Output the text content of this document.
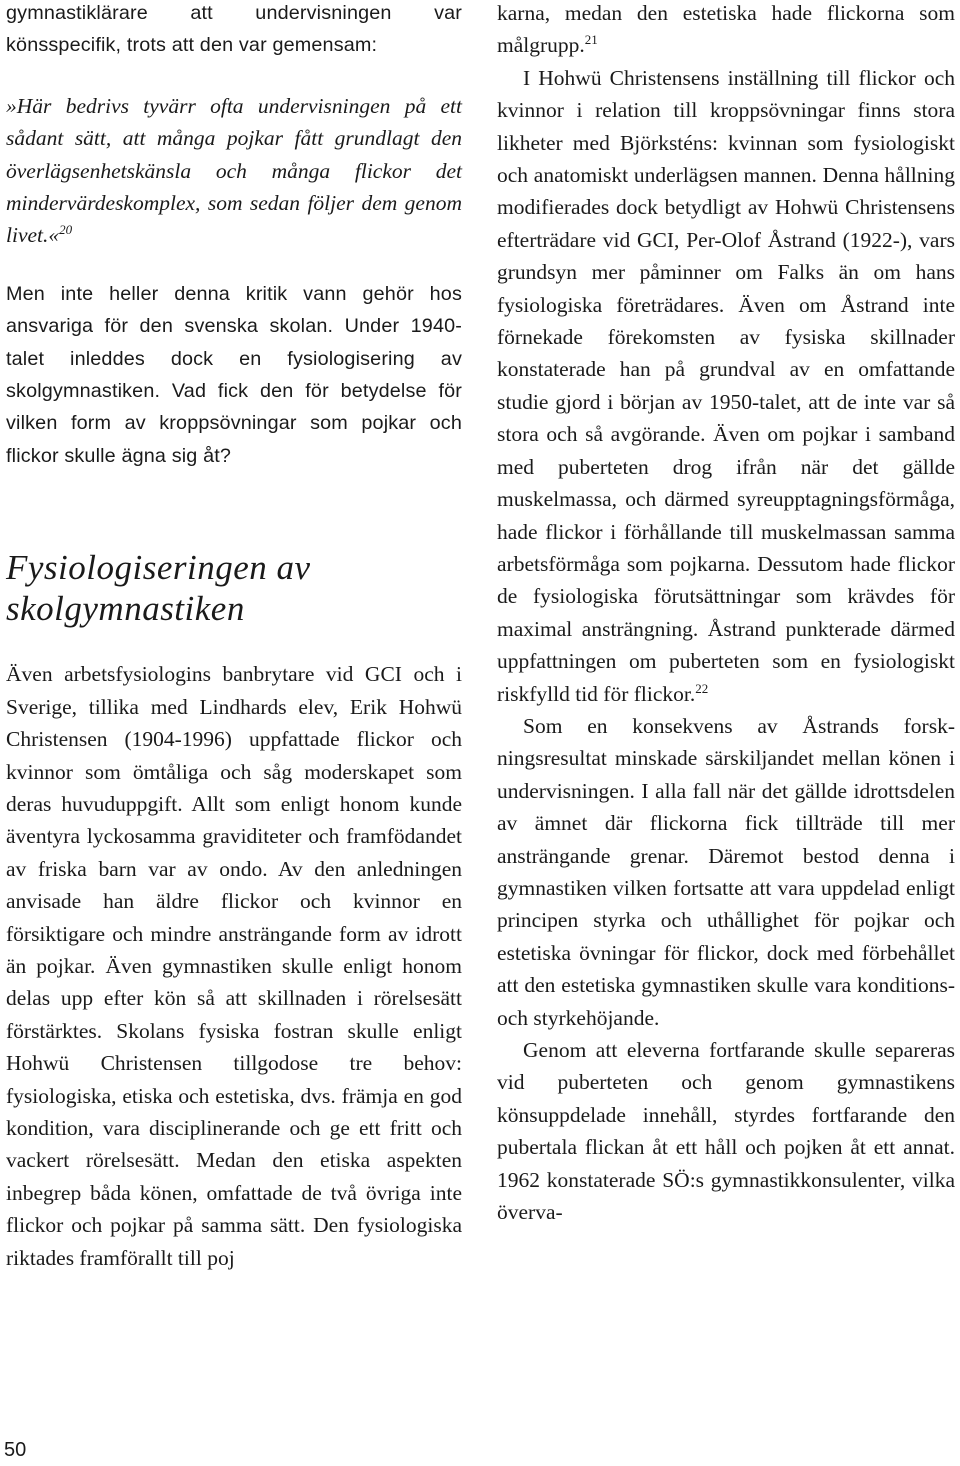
gymnastiklärare att undervisningen var könsspecifik, trots att den var gemensam:

»Här bedrivs tyvärr ofta undervisningen på ett sådant sätt, att många pojkar fått grundlagt den överlägsenhetskänsla och många flickor det mindervärdeskomplex, som sedan följer dem genom livet.«$^{20}$

Men inte heller denna kritik vann gehör hos ansvariga för den svenska skolan. Under 1940-talet inleddes dock en fysiologisering av skolgymnastiken. Vad fick den för betydelse för vilken form av kroppsövningar som pojkar och flickor skulle ägna sig åt?

Fysiologiseringen av skolgymnastiken

Även arbetsfysiologins banbrytare vid GCI och i Sverige, tillika med Lindhards elev, Erik Hohwü Christensen (1904-1996) uppfattade flickor och kvinnor som ömtåliga och såg moderskapet som deras huvuduppgift. Allt som enligt honom kunde äventyra lyckosamma graviditeter och framfödandet av friska barn var av ondo. Av den anledningen anvisade han äldre flickor och kvinnor en försiktigare och mindre ansträngande form av idrott än pojkar. Även gymnastiken skulle enligt honom delas upp efter kön så att skillnaden i rörelsesätt förstärktes. Skolans fysiska fostran skulle enligt Hohwü Christensen tillgodose tre behov: fysiologiska, etiska och estetiska, dvs. främja en god kondition, vara disciplinerande och ge ett fritt och vackert rörelsesätt. Medan den etiska aspekten inbegrep båda könen, omfattade de två övriga inte flickor och pojkar på samma sätt. Den fysiologiska riktades framförallt till poj

karna, medan den estetiska hade flickorna som målgrupp.$^{21}$

I Hohwü Christensens inställning till flickor och kvinnor i relation till kroppsövningar finns stora likheter med Björksténs: kvinnan som fysiologiskt och anatomiskt underlägsen mannen. Denna hållning modifierades dock betydligt av Hohwü Christensens efterträdare vid GCI, Per-Olof Åstrand (1922-), vars grundsyn mer påminner om Falks än om hans fysiologiska företrädares. Även om Åstrand inte förnekade förekomsten av fysiska skillnader konstaterade han på grundval av en omfattande studie gjord i början av 1950-talet, att de inte var så stora och så avgörande. Även om pojkar i samband med puberteten drog ifrån när det gällde muskelmassa, och därmed syreupptagningsförmåga, hade flickor i förhållande till muskelmassan samma arbetsförmåga som pojkarna. Dessutom hade flickor de fysiologiska förutsättningar som krävdes för maximal ansträngning. Åstrand punkterade därmed uppfattningen om puberteten som en fysiologiskt riskfylld tid för flickor.$^{22}$

Som en konsekvens av Åstrands forskningsresultat minskade särskiljandet mellan könen i undervisningen. I alla fall när det gällde idrottsdelen av ämnet där flickorna fick tillträde till mer ansträngande grenar. Däremot bestod denna i gymnastiken vilken fortsatte att vara uppdelad enligt principen styrka och uthållighet för pojkar och estetiska övningar för flickor, dock med förbehållet att den estetiska gymnastiken skulle vara konditions- och styrkehöjande.

Genom att eleverna fortfarande skulle separeras vid puberteten och genom gymnastikens könsuppdelade innehåll, styrdes fortfarande den pubertala flickan åt ett håll och pojken åt ett annat. 1962 konstaterade SÖ:s gymnastikkonsulenter, vilka överva-

50
